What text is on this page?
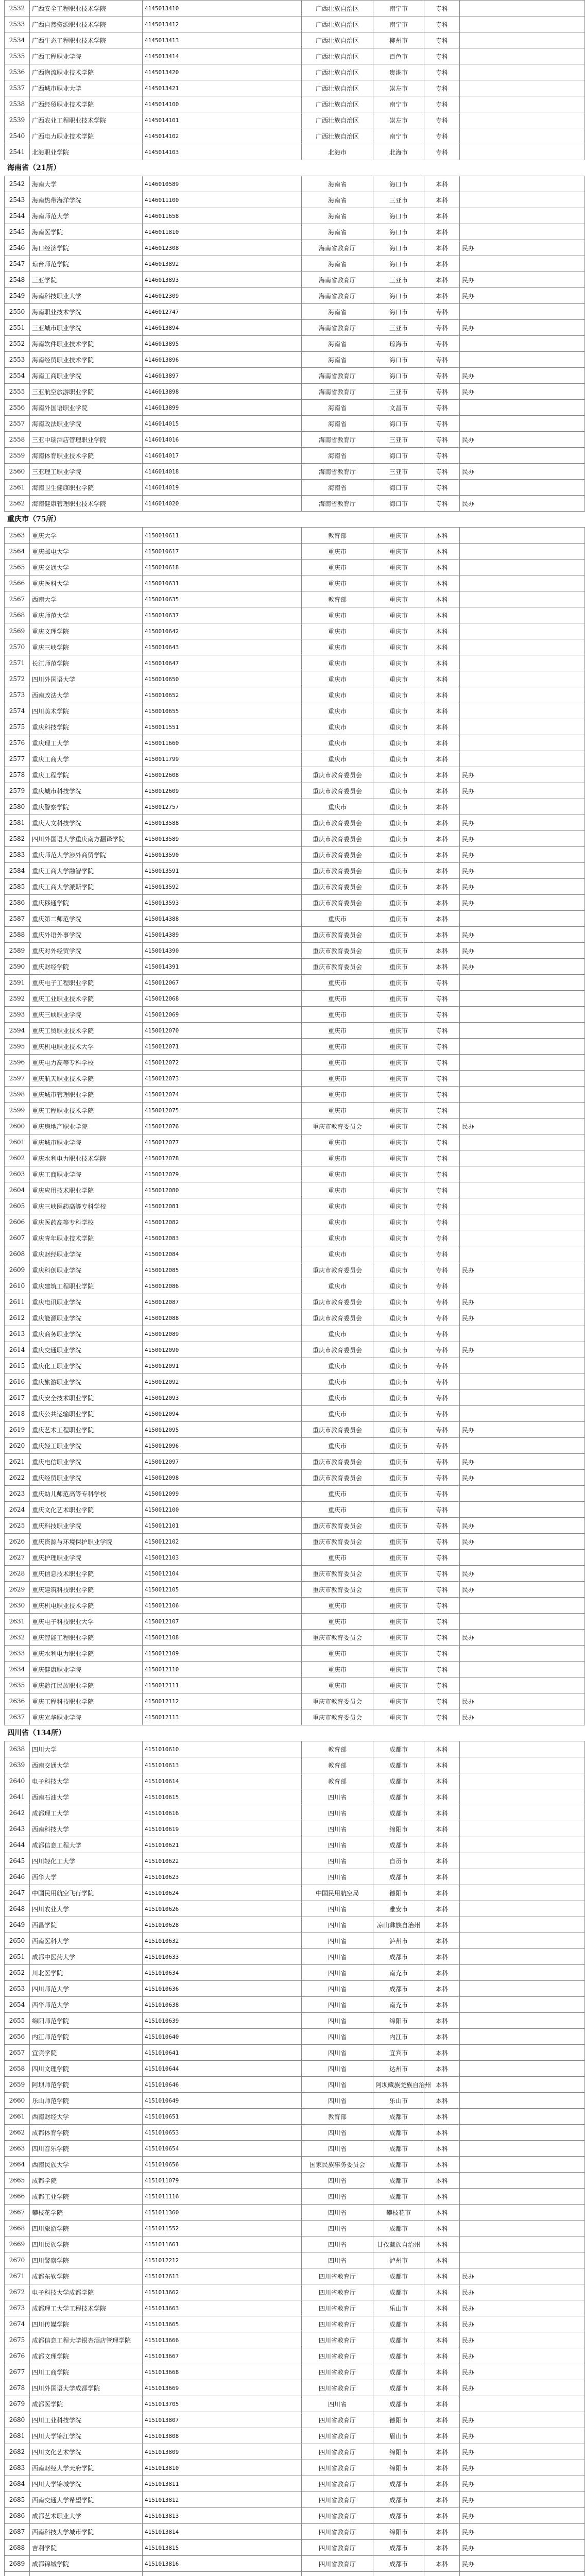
2532	广西安全工程职业技术学院	4145013410	广西壮族自治区	南宁市	专科	
2533	广西自然资源职业技术学院	4145013412	广西壮族自治区	南宁市	专科	
2534	广西生态工程职业技术学院	4145013413	广西壮族自治区	柳州市	专科	
2535	广西工程职业学院	4145013414	广西壮族自治区	百色市	专科	
2536	广西物流职业技术学院	4145013420	广西壮族自治区	贵港市	专科	
2537	广西城市职业大学	4145013421	广西壮族自治区	崇左市	专科	
2538	广西经贸职业技术学院	4145014100	广西壮族自治区	南宁市	专科	
2539	广西农业工程职业技术学院	4145014101	广西壮族自治区	崇左市	专科	
2540	广西电力职业技术学院	4145014102	广西壮族自治区	南宁市	专科	
2541	北海职业学院	4145014103	北海市	北海市	专科	
海南省（21所）
2542	海南大学	4146010589	海南省	海口市	本科	
2543	海南热带海洋学院	4146011100	海南省	三亚市	本科	
2544	海南师范大学	4146011658	海南省	海口市	本科	
2545	海南医学院	4146011810	海南省	海口市	本科	
2546	海口经济学院	4146012308	海南省教育厅	海口市	本科	民办
2547	琼台师范学院	4146013892	海南省	海口市	本科	
2548	三亚学院	4146013893	海南省教育厅	三亚市	本科	民办
2549	海南科技职业大学	4146012309	海南省教育厅	海口市	本科	民办
2550	海南职业技术学院	4146012747	海南省	海口市	专科	
2551	三亚城市职业学院	4146013894	海南省教育厅	三亚市	专科	民办
2552	海南软件职业技术学院	4146013895	海南省	琼海市	专科	
2553	海南经贸职业技术学院	4146013896	海南省	海口市	专科	
2554	海南工商职业学院	4146013897	海南省教育厅	海口市	专科	民办
2555	三亚航空旅游职业学院	4146013898	海南省教育厅	三亚市	专科	民办
2556	海南外国语职业学院	4146013899	海南省	文昌市	专科	
2557	海南政法职业学院	4146014015	海南省	海口市	专科	
2558	三亚中瑞酒店管理职业学院	4146014016	海南省教育厅	三亚市	专科	民办
2559	海南体育职业技术学院	4146014017	海南省	海口市	专科	
2560	三亚理工职业学院	4146014018	海南省教育厅	三亚市	专科	民办
2561	海南卫生健康职业学院	4146014019	海南省	海口市	专科	
2562	海南健康管理职业技术学院	4146014020	海南省教育厅	海口市	专科	民办
重庆市（75所）
2563	重庆大学	4150010611	教育部	重庆市	本科	
2564	重庆邮电大学	4150010617	重庆市	重庆市	本科	
2565	重庆交通大学	4150010618	重庆市	重庆市	本科	
2566	重庆医科大学	4150010631	重庆市	重庆市	本科	
2567	西南大学	4150010635	教育部	重庆市	本科	
2568	重庆师范大学	4150010637	重庆市	重庆市	本科	
2569	重庆文理学院	4150010642	重庆市	重庆市	本科	
2570	重庆三峡学院	4150010643	重庆市	重庆市	本科	
2571	长江师范学院	4150010647	重庆市	重庆市	本科	
2572	四川外国语大学	4150010650	重庆市	重庆市	本科	
2573	西南政法大学	4150010652	重庆市	重庆市	本科	
2574	四川美术学院	4150010655	重庆市	重庆市	本科	
2575	重庆科技学院	4150011551	重庆市	重庆市	本科	
2576	重庆理工大学	4150011660	重庆市	重庆市	本科	
2577	重庆工商大学	4150011799	重庆市	重庆市	本科	
2578	重庆工程学院	4150012608	重庆市教育委员会	重庆市	本科	民办
2579	重庆城市科技学院	4150012609	重庆市教育委员会	重庆市	本科	民办
2580	重庆警察学院	4150012757	重庆市	重庆市	本科	
2581	重庆人文科技学院	4150013588	重庆市教育委员会	重庆市	本科	民办
2582	四川外国语大学重庆南方翻译学院	4150013589	重庆市教育委员会	重庆市	本科	民办
2583	重庆师范大学涉外商贸学院	4150013590	重庆市教育委员会	重庆市	本科	民办
2584	重庆工商大学融智学院	4150013591	重庆市教育委员会	重庆市	本科	民办
2585	重庆工商大学派斯学院	4150013592	重庆市教育委员会	重庆市	本科	民办
2586	重庆移通学院	4150013593	重庆市教育委员会	重庆市	本科	民办
2587	重庆第二师范学院	4150014388	重庆市	重庆市	本科	
2588	重庆外语外事学院	4150014389	重庆市教育委员会	重庆市	本科	民办
2589	重庆对外经贸学院	4150014390	重庆市教育委员会	重庆市	本科	民办
2590	重庆财经学院	4150014391	重庆市教育委员会	重庆市	本科	民办
2591	重庆电子工程职业学院	4150012067	重庆市	重庆市	专科	
2592	重庆工业职业技术学院	4150012068	重庆市	重庆市	专科	
2593	重庆三峡职业学院	4150012069	重庆市	重庆市	专科	
2594	重庆工贸职业技术学院	4150012070	重庆市	重庆市	专科	
2595	重庆机电职业技术大学	4150012071	重庆市	重庆市	专科	
2596	重庆电力高等专科学校	4150012072	重庆市	重庆市	专科	
2597	重庆航天职业技术学院	4150012073	重庆市	重庆市	专科	
2598	重庆城市管理职业学院	4150012074	重庆市	重庆市	专科	
2599	重庆工程职业技术学院	4150012075	重庆市	重庆市	专科	
2600	重庆房地产职业学院	4150012076	重庆市教育委员会	重庆市	专科	民办
2601	重庆城市职业学院	4150012077	重庆市	重庆市	专科	
2602	重庆水利电力职业技术学院	4150012078	重庆市	重庆市	专科	
2603	重庆工商职业学院	4150012079	重庆市	重庆市	专科	
2604	重庆应用技术职业学院	4150012080	重庆市	重庆市	专科	
2605	重庆三峡医药高等专科学校	4150012081	重庆市	重庆市	专科	
2606	重庆医药高等专科学校	4150012082	重庆市	重庆市	专科	
2607	重庆青年职业技术学院	4150012083	重庆市	重庆市	专科	
2608	重庆财经职业学院	4150012084	重庆市	重庆市	专科	
2609	重庆科创职业学院	4150012085	重庆市教育委员会	重庆市	专科	民办
2610	重庆建筑工程职业学院	4150012086	重庆市	重庆市	专科	
2611	重庆电讯职业学院	4150012087	重庆市教育委员会	重庆市	专科	民办
2612	重庆能源职业学院	4150012088	重庆市教育委员会	重庆市	专科	民办
2613	重庆商务职业学院	4150012089	重庆市	重庆市	专科	
2614	重庆交通职业学院	4150012090	重庆市教育委员会	重庆市	专科	民办
2615	重庆化工职业学院	4150012091	重庆市	重庆市	专科	
2616	重庆旅游职业学院	4150012092	重庆市	重庆市	专科	
2617	重庆安全技术职业学院	4150012093	重庆市	重庆市	专科	
2618	重庆公共运输职业学院	4150012094	重庆市	重庆市	专科	
2619	重庆艺术工程职业学院	4150012095	重庆市教育委员会	重庆市	专科	民办
2620	重庆轻工职业学院	4150012096	重庆市	重庆市	专科	
2621	重庆电信职业学院	4150012097	重庆市教育委员会	重庆市	专科	民办
2622	重庆经贸职业学院	4150012098	重庆市教育委员会	重庆市	专科	民办
2623	重庆幼儿师范高等专科学校	4150012099	重庆市	重庆市	专科	
2624	重庆文化艺术职业学院	4150012100	重庆市	重庆市	专科	
2625	重庆科技职业学院	4150012101	重庆市教育委员会	重庆市	专科	民办
2626	重庆资源与环境保护职业学院	4150012102	重庆市教育委员会	重庆市	专科	民办
2627	重庆护理职业学院	4150012103	重庆市	重庆市	专科	
2628	重庆信息技术职业学院	4150012104	重庆市教育委员会	重庆市	专科	民办
2629	重庆建筑科技职业学院	4150012105	重庆市教育委员会	重庆市	专科	民办
2630	重庆机电职业技术学院	4150012106	重庆市	重庆市	专科	
2631	重庆电子科技职业大学	4150012107	重庆市	重庆市	专科	
2632	重庆智能工程职业学院	4150012108	重庆市教育委员会	重庆市	专科	民办
2633	重庆水利电力职业学院	4150012109	重庆市	重庆市	专科	
2634	重庆健康职业学院	4150012110	重庆市	重庆市	专科	
2635	重庆黔江民族职业学院	4150012111	重庆市	重庆市	专科	
2636	重庆工程科技职业学院	4150012112	重庆市教育委员会	重庆市	专科	民办
2637	重庆光华职业学院	4150012113	重庆市教育委员会	重庆市	专科	民办
四川省（134所）
2638	四川大学	4151010610	教育部	成都市	本科	
2639	西南交通大学	4151010613	教育部	成都市	本科	
2640	电子科技大学	4151010614	教育部	成都市	本科	
2641	西南石油大学	4151010615	四川省	成都市	本科	
2642	成都理工大学	4151010616	四川省	成都市	本科	
2643	西南科技大学	4151010619	四川省	绵阳市	本科	
2644	成都信息工程大学	4151010621	四川省	成都市	本科	
2645	四川轻化工大学	4151010622	四川省	自贡市	本科	
2646	西华大学	4151010623	四川省	成都市	本科	
2647	中国民用航空飞行学院	4151010624	中国民用航空局	德阳市	本科	
2648	四川农业大学	4151010626	四川省	雅安市	本科	
2649	西昌学院	4151010628	四川省	凉山彝族自治州	本科	
2650	西南医科大学	4151010632	四川省	泸州市	本科	
2651	成都中医药大学	4151010633	四川省	成都市	本科	
2652	川北医学院	4151010634	四川省	南充市	本科	
2653	四川师范大学	4151010636	四川省	成都市	本科	
2654	西华师范大学	4151010638	四川省	南充市	本科	
2655	绵阳师范学院	4151010639	四川省	绵阳市	本科	
2656	内江师范学院	4151010640	四川省	内江市	本科	
2657	宜宾学院	4151010641	四川省	宜宾市	本科	
2658	四川文理学院	4151010644	四川省	达州市	本科	
2659	阿坝师范学院	4151010646	四川省	阿坝藏族羌族自治州	本科	
2660	乐山师范学院	4151010649	四川省	乐山市	本科	
2661	西南财经大学	4151010651	教育部	成都市	本科	
2662	成都体育学院	4151010653	四川省	成都市	本科	
2663	四川音乐学院	4151010654	四川省	成都市	本科	
2664	西南民族大学	4151010656	国家民族事务委员会	成都市	本科	
2665	成都学院	4151011079	四川省	成都市	本科	
2666	成都工业学院	4151011116	四川省	成都市	本科	
2667	攀枝花学院	4151011360	四川省	攀枝花市	本科	
2668	四川旅游学院	4151011552	四川省	成都市	本科	
2669	四川民族学院	4151011661	四川省	甘孜藏族自治州	本科	
2670	四川警察学院	4151012212	四川省	泸州市	本科	
2671	成都东软学院	4151012613	四川省教育厅	成都市	本科	民办
2672	电子科技大学成都学院	4151013662	四川省教育厅	成都市	本科	民办
2673	成都理工大学工程技术学院	4151013663	四川省教育厅	乐山市	本科	民办
2674	四川传媒学院	4151013665	四川省教育厅	成都市	本科	民办
2675	成都信息工程大学银杏酒店管理学院	4151013666	四川省教育厅	成都市	本科	民办
2676	成都文理学院	4151013667	四川省教育厅	成都市	本科	民办
2677	四川工商学院	4151013668	四川省教育厅	成都市	本科	民办
2678	四川外国语大学成都学院	4151013669	四川省教育厅	成都市	本科	民办
2679	成都医学院	4151013705	四川省	成都市	本科	
2680	四川工业科技学院	4151013807	四川省教育厅	德阳市	本科	民办
2681	四川大学锦江学院	4151013808	四川省教育厅	眉山市	本科	民办
2682	四川文化艺术学院	4151013809	四川省教育厅	绵阳市	本科	民办
2683	西南财经大学天府学院	4151013810	四川省教育厅	绵阳市	本科	民办
2684	四川大学锦城学院	4151013811	四川省教育厅	成都市	本科	民办
2685	西南交通大学希望学院	4151013812	四川省教育厅	成都市	本科	民办
2686	成都艺术职业大学	4151013813	四川省教育厅	成都市	本科	民办
2687	西南科技大学城市学院	4151013814	四川省教育厅	绵阳市	本科	民办
2688	吉利学院	4151013815	四川省教育厅	成都市	本科	民办
2689	成都锦城学院	4151013816	四川省教育厅	成都市	本科	民办
